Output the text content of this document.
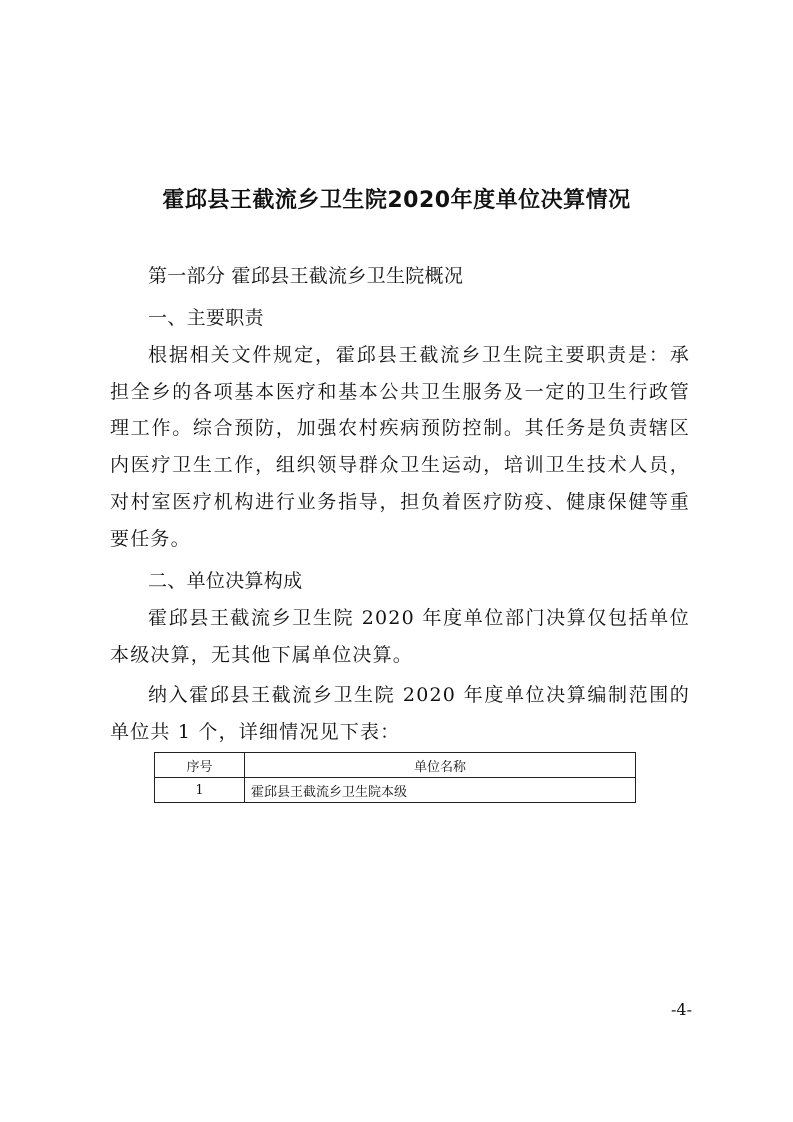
霍邱县王截流乡卫生院2020年度单位决算情况
第一部分 霍邱县王截流乡卫生院概况
一、主要职责
根据相关文件规定，霍邱县王截流乡卫生院主要职责是：承担全乡的各项基本医疗和基本公共卫生服务及一定的卫生行政管理工作。综合预防，加强农村疾病预防控制。其任务是负责辖区内医疗卫生工作，组织领导群众卫生运动，培训卫生技术人员，对村室医疗机构进行业务指导，担负着医疗防疫、健康保健等重要任务。
二、单位决算构成
霍邱县王截流乡卫生院 2020 年度单位部门决算仅包括单位本级决算，无其他下属单位决算。
纳入霍邱县王截流乡卫生院 2020 年度单位决算编制范围的单位共 1 个，详细情况见下表：
序号	单位名称
1	霍邱县王截流乡卫生院本级
-4-
